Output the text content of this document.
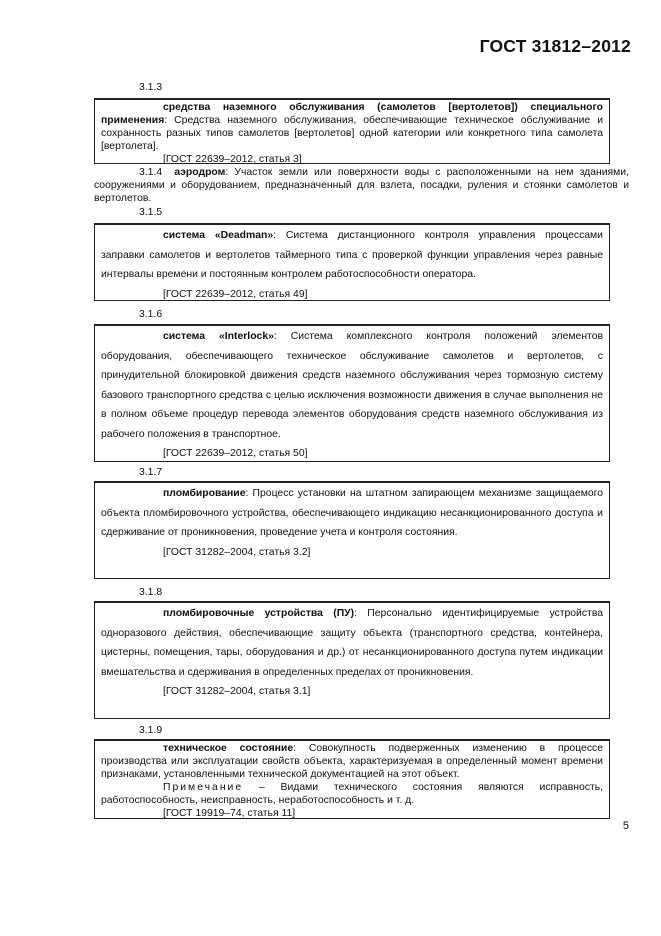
ГОСТ 31812–2012
3.1.3

средства наземного обслуживания (самолетов [вертолетов]) специального применения: Средства наземного обслуживания, обеспечивающие техническое обслуживание и сохранность разных типов самолетов [вертолетов] одной категории или конкретного типа самолета [вертолета].

[ГОСТ 22639–2012, статья 3]

3.1.4 аэродром: Участок земли или поверхности воды с расположенными на нем зданиями, сооружениями и оборудованием, предназначенный для взлета, посадки, руления и стоянки самолетов и вертолетов.

3.1.5

система «Deadman»: Система дистанционного контроля управления процессами заправки самолетов и вертолетов таймерного типа с проверкой функции управления через равные интервалы времени и постоянным контролем работоспособности оператора.

[ГОСТ 22639–2012, статья 49]

3.1.6

система «Interlock»: Система комплексного контроля положений элементов оборудования, обеспечивающего техническое обслуживание самолетов и вертолетов, с принудительной блокировкой движения средств наземного обслуживания через тормозную систему базового транспортного средства с целью исключения возможности движения в случае выполнения не в полном объеме процедур перевода элементов оборудования средств наземного обслуживания из рабочего положения в транспортное.

[ГОСТ 22639–2012, статья 50]

3.1.7

пломбирование: Процесс установки на штатном запирающем механизме защищаемого объекта пломбировочного устройства, обеспечивающего индикацию несанкционированного доступа и сдерживание от проникновения, проведение учета и контроля состояния.

[ГОСТ 31282–2004, статья 3.2]

3.1.8

пломбировочные устройства (ПУ): Персонально идентифицируемые устройства одноразового действия, обеспечивающие защиту объекта (транспортного средства, контейнера, цистерны, помещения, тары, оборудования и др.) от несанкционированного доступа путем индикации вмешательства и сдерживания в определенных пределах от проникновения.

[ГОСТ 31282–2004, статья 3.1]

3.1.9

техническое состояние: Совокупность подверженных изменению в процессе производства или эксплуатации свойств объекта, характеризуемая в определенный момент времени признаками, установленными технической документацией на этот объект.

Примечание – Видами технического состояния являются исправность, работоспособность, неисправность, неработоспособность и т. д.

[ГОСТ 19919–74, статья 11]

5
